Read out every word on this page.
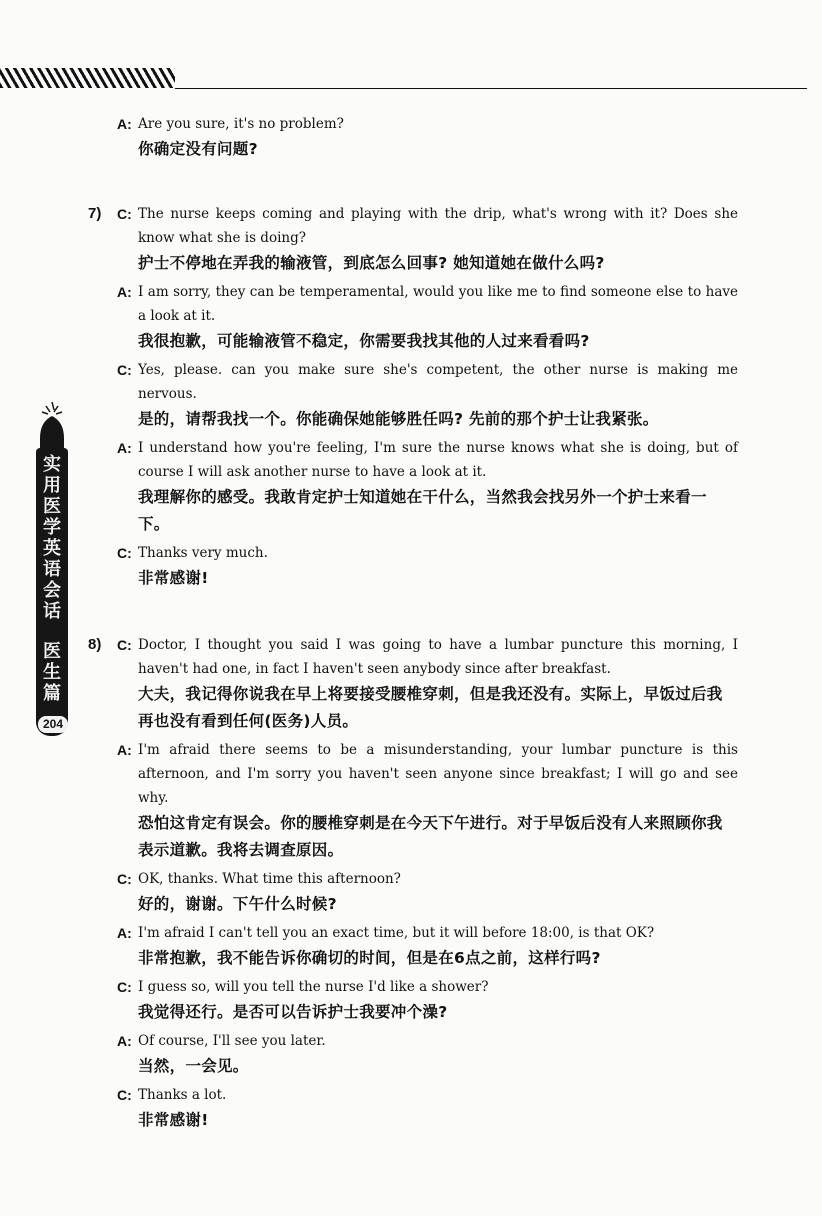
实
用
医
学
英
语
会
话
医
生
篇
204
A: Are you sure, it's no problem?
你确定没有问题?
7) C: The nurse keeps coming and playing with the drip, what's wrong with it? Does she know what she is doing?
护士不停地在弄我的输液管，到底怎么回事? 她知道她在做什么吗?
A: I am sorry, they can be temperamental, would you like me to find someone else to have a look at it.
我很抱歉，可能输液管不稳定，你需要我找其他的人过来看看吗?
C: Yes, please. can you make sure she's competent, the other nurse is making me nervous.
是的，请帮我找一个。你能确保她能够胜任吗? 先前的那个护士让我紧张。
A: I understand how you're feeling, I'm sure the nurse knows what she is doing, but of course I will ask another nurse to have a look at it.
我理解你的感受。我敢肯定护士知道她在干什么，当然我会找另外一个护士来看一下。
C: Thanks very much.
非常感谢!
8) C: Doctor, I thought you said I was going to have a lumbar puncture this morning, I haven't had one, in fact I haven't seen anybody since after breakfast.
大夫，我记得你说我在早上将要接受腰椎穿刺，但是我还没有。实际上，早饭过后我再也没有看到任何(医务)人员。
A: I'm afraid there seems to be a misunderstanding, your lumbar puncture is this afternoon, and I'm sorry you haven't seen anyone since breakfast; I will go and see why.
恐怕这肯定有误会。你的腰椎穿刺是在今天下午进行。对于早饭后没有人来照顾你我表示道歉。我将去调查原因。
C: OK, thanks. What time this afternoon?
好的，谢谢。下午什么时候?
A: I'm afraid I can't tell you an exact time, but it will before 18:00, is that OK?
非常抱歉，我不能告诉你确切的时间，但是在6点之前，这样行吗?
C: I guess so, will you tell the nurse I'd like a shower?
我觉得还行。是否可以告诉护士我要冲个澡?
A: Of course, I'll see you later.
当然，一会见。
C: Thanks a lot.
非常感谢!
